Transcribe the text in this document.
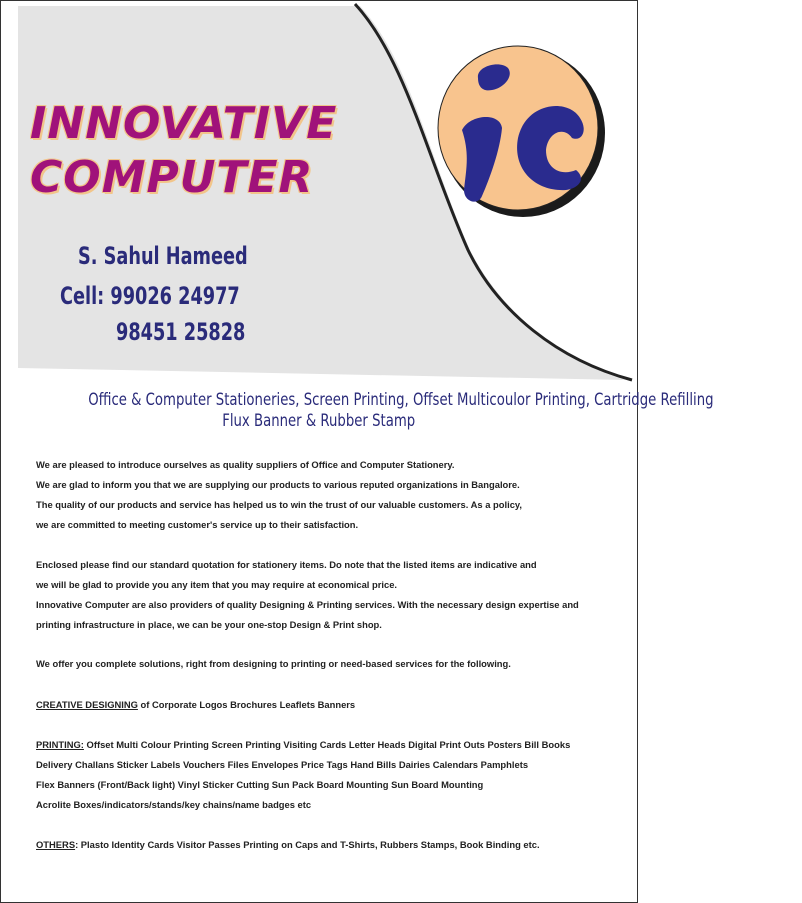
INNOVATIVE
COMPUTER
S. Sahul Hameed
Cell: 99026 24977
98451 25828
ic
Office & Computer Stationeries, Screen Printing, Offset Multicoulor Printing, Cartridge Refilling
Flux Banner & Rubber Stamp
We are pleased to introduce ourselves as quality suppliers of Office and Computer Stationery.
We are glad to inform you that we are supplying our products to various reputed organizations in Bangalore.
The quality of our products and service has helped us to win the trust of our valuable customers. As a policy,
we are committed to meeting customer's service up to their satisfaction.
Enclosed please find our standard quotation for stationery items. Do note that the listed items are indicative and
we will be glad to provide you any item that you may require at economical price.
Innovative Computer are also providers of quality Designing & Printing services. With the necessary design expertise and
printing infrastructure in place, we can be your one-stop Design & Print shop.
We offer you complete solutions, right from designing to printing or need-based services for the following.
CREATIVE DESIGNING of Corporate Logos Brochures Leaflets Banners
PRINTING: Offset Multi Colour Printing Screen Printing Visiting Cards Letter Heads Digital Print Outs Posters Bill Books
Delivery Challans Sticker Labels Vouchers Files Envelopes Price Tags Hand Bills Dairies Calendars Pamphlets
Flex Banners (Front/Back light) Vinyl Sticker Cutting Sun Pack Board Mounting Sun Board Mounting
Acrolite Boxes/indicators/stands/key chains/name badges etc
OTHERS: Plasto Identity Cards Visitor Passes Printing on Caps and T-Shirts, Rubbers Stamps, Book Binding etc.
